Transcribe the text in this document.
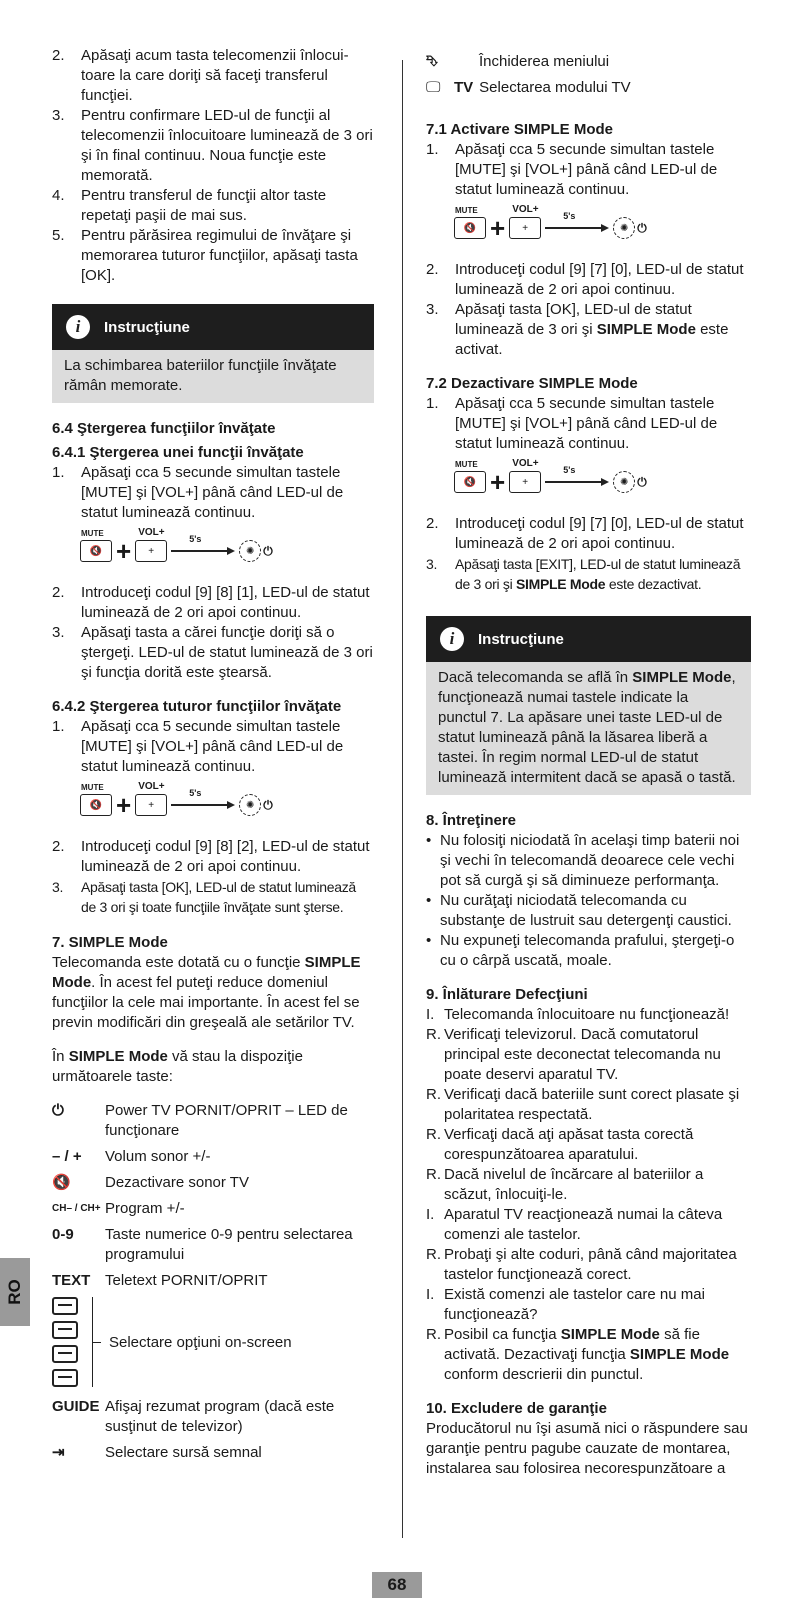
2.	Apăsaţi acum tasta telecomenzii înlocui-toare la care doriţi să faceţi transferul funcţiei.
3.	Pentru confirmare LED-ul de funcţii al telecomenzii înlocuitoare luminează de 3 ori şi în final continuu. Noua funcţie este memorată.
4.	Pentru transferul de funcţii altor taste repetaţi paşii de mai sus.
5.	Pentru părăsirea regimului de învăţare şi memorarea tuturor funcţiilor, apăsaţi tasta [OK].
i	Instrucţiune
La schimbarea bateriilor funcţiile învăţate rămân memorate.
6.4 Ştergerea funcţiilor învăţate
6.4.1 Ştergerea unei funcţii învăţate
1.	Apăsaţi cca 5 secunde simultan tastele [MUTE] şi [VOL+] până când LED-ul de statut luminează continuu.
MUTE
🔇 +
VOL+
+
5's
✺ ⏻
2.	Introduceţi codul [9] [8] [1], LED-ul de statut luminează de 2 ori apoi continuu.
3.	Apăsaţi tasta a cărei funcţie doriţi să o ştergeţi. LED-ul de statut luminează de 3 ori şi funcţia dorită este ştearsă.
6.4.2 Ştergerea tuturor funcţiilor învăţate
1.	Apăsaţi cca 5 secunde simultan tastele [MUTE] şi [VOL+] până când LED-ul de statut luminează continuu.
MUTE
🔇 +
VOL+
+
5's
✺ ⏻
2.	Introduceţi codul [9] [8] [2], LED-ul de statut luminează de 2 ori apoi continuu.
3.	Apăsaţi tasta [OK], LED-ul de statut luminează de 3 ori şi toate funcţiile învăţate sunt şterse.
7. SIMPLE Mode
Telecomanda este dotată cu o funcţie SIMPLE Mode. În acest fel puteţi reduce domeniul funcţiilor la cele mai importante. În acest fel se previn modificări din greşeală ale setărilor TV.
În SIMPLE Mode vă stau la dispoziţie următoarele taste:
⏻	Power TV PORNIT/OPRIT – LED de funcţionare
– / +	Volum sonor +/-
🔇	Dezactivare sonor TV
CH– / CH+ Program +/-
0-9	Taste numerice 0-9 pentru selectarea programului
TEXT Teletext PORNIT/OPRIT
Selectare opţiuni on-screen
GUIDE Afişaj rezumat program (dacă este susţinut de televizor)
⇥	Selectare sursă semnal
⮷	Închiderea meniului
🖵 TV Selectarea modului TV
7.1 Activare SIMPLE Mode
1.	Apăsaţi cca 5 secunde simultan tastele [MUTE] şi [VOL+] până când LED-ul de statut luminează continuu.
MUTE
🔇 +
VOL+
+
5's
✺ ⏻
2.	Introduceţi codul [9] [7] [0], LED-ul de statut luminează de 2 ori apoi continuu.
3.	Apăsaţi tasta [OK], LED-ul de statut luminează de 3 ori şi SIMPLE Mode este activat.
7.2 Dezactivare SIMPLE Mode
1.	Apăsaţi cca 5 secunde simultan tastele [MUTE] şi [VOL+] până când LED-ul de statut luminează continuu.
MUTE
🔇 +
VOL+
+
5's
✺ ⏻
2.	Introduceţi codul [9] [7] [0], LED-ul de statut luminează de 2 ori apoi continuu.
3.	Apăsaţi tasta [EXIT], LED-ul de statut luminează de 3 ori şi SIMPLE Mode este dezactivat.
i	Instrucţiune
Dacă telecomanda se află în SIMPLE Mode, funcţionează numai tastele indicate la punctul 7. La apăsare unei taste LED-ul de statut luminează până la lăsarea liberă a tastei. În regim normal LED-ul de statut luminează intermitent dacă se apasă o tastă.
8. Întreţinere
• Nu folosiţi niciodată în acelaşi timp baterii noi şi vechi în telecomandă deoarece cele vechi pot să curgă şi să diminueze performanţa.
• Nu curăţaţi niciodată telecomanda cu substanţe de lustruit sau detergenţi caustici.
• Nu expuneţi telecomanda prafului, ştergeţi-o cu o cârpă uscată, moale.
9. Înlăturare Defecţiuni
I. Telecomanda înlocuitoare nu funcţionează!
R. Verificaţi televizorul. Dacă comutatorul principal este deconectat telecomanda nu poate deservi aparatul TV.
R. Verificaţi dacă bateriile sunt corect plasate şi polaritatea respectată.
R. Verficaţi dacă aţi apăsat tasta corectă corespunzătoarea aparatului.
R. Dacă nivelul de încărcare al bateriilor a scăzut, înlocuiţi-le.
I. Aparatul TV reacţionează numai la câteva comenzi ale tastelor.
R. Probaţi şi alte coduri, până când majoritatea tastelor funcţionează corect.
I. Există comenzi ale tastelor care nu mai funcţionează?
R. Posibil ca funcţia SIMPLE Mode să fie activată. Dezactivaţi funcţia SIMPLE Mode conform descrierii din punctul.
10. Excludere de garanţie
Producătorul nu îşi asumă nici o răspundere sau garanţie pentru pagube cauzate de montarea, instalarea sau folosirea necorespunzătoare a
RO
68
